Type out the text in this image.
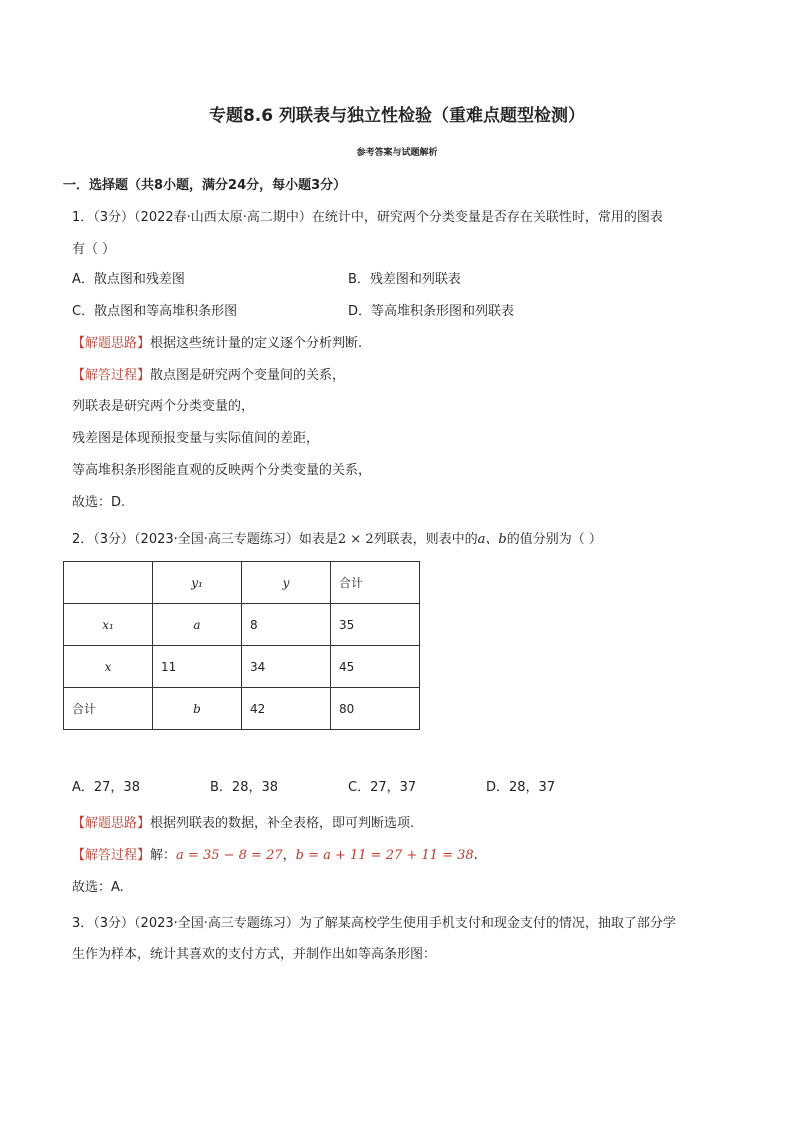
专题8.6 列联表与独立性检验（重难点题型检测）
参考答案与试题解析
一．选择题（共8小题，满分24分，每小题3分）
1．（3分）（2022春·山西太原·高二期中）在统计中，研究两个分类变量是否存在关联性时，常用的图表
有（ ）
A．散点图和残差图	B．残差图和列联表
C．散点图和等高堆积条形图	D．等高堆积条形图和列联表
【解题思路】根据这些统计量的定义逐个分析判断.
【解答过程】散点图是研究两个变量间的关系，
列联表是研究两个分类变量的，
残差图是体现预报变量与实际值间的差距，
等高堆积条形图能直观的反映两个分类变量的关系，
故选：D.
2．（3分）（2023·全国·高三专题练习）如表是2 × 2列联表，则表中的a、b的值分别为（ ）
	y₁	y	合计
x₁	a	8	35
x	11	34	45
合计	b	42	80
A．27，38	B．28，38	C．27，37	D．28，37
【解题思路】根据列联表的数据，补全表格，即可判断选项.
【解答过程】解：a = 35 − 8 = 27，b = a + 11 = 27 + 11 = 38.
故选：A.
3．（3分）（2023·全国·高三专题练习）为了解某高校学生使用手机支付和现金支付的情况，抽取了部分学
生作为样本，统计其喜欢的支付方式，并制作出如等高条形图：
